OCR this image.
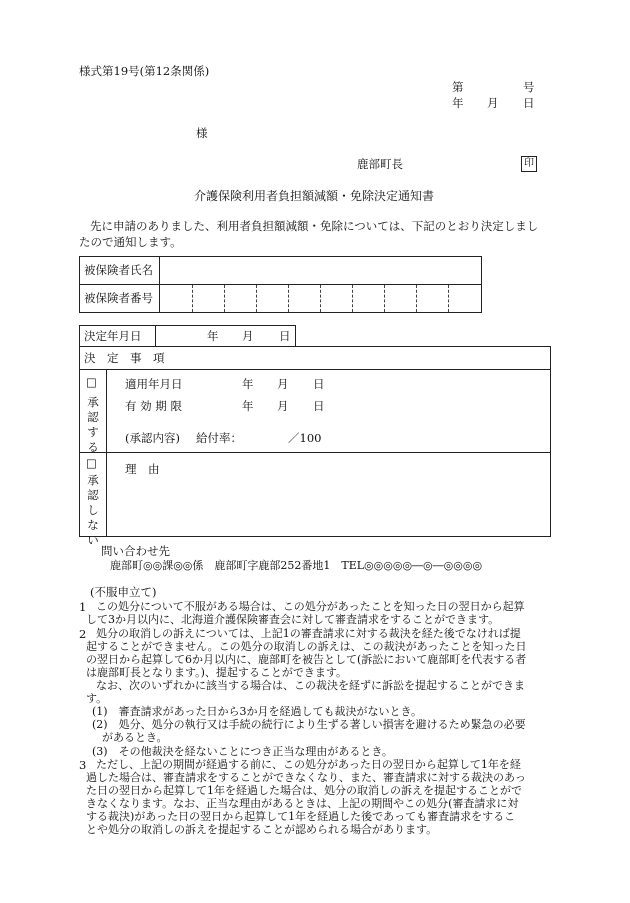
様式第19号(第12条関係)
第	号
年 月 日
様
鹿部町長	印
介護保険利用者負担額減額・免除決定通知書
先に申請のありました、利用者負担額減額・免除については、下記のとおり決定しまし
たので通知します。
被保険者氏名
被保険者番号
決定年月日	年 月 日
決　定　事　項
□
承認する
適用年月日	年 月 日
有 効 期 限	年 月 日
(承認内容) 給付率：	／100
□
承認しない
理　由
問い合わせ先
鹿部町◎◎課◎◎係　鹿部町字鹿部252番地1　TEL◎◎◎◎◎―◎―◎◎◎◎
(不服申立て)
1 この処分について不服がある場合は、この処分があったことを知った日の翌日から起算
して3か月以内に、北海道介護保険審査会に対して審査請求をすることができます。
2 処分の取消しの訴えについては、上記1の審査請求に対する裁決を経た後でなければ提
起することができません。この処分の取消しの訴えは、この裁決があったことを知った日
の翌日から起算して6か月以内に、鹿部町を被告として(訴訟において鹿部町を代表する者
は鹿部町長となります。)、提起することができます。
なお、次のいずれかに該当する場合は、この裁決を経ずに訴訟を提起することができま
す。
(1)　審査請求があった日から3か月を経過しても裁決がないとき。
(2)　処分、処分の執行又は手続の続行により生ずる著しい損害を避けるため緊急の必要
があるとき。
(3)　その他裁決を経ないことにつき正当な理由があるとき。
3 ただし、上記の期間が経過する前に、この処分があった日の翌日から起算して1年を経
過した場合は、審査請求をすることができなくなり、また、審査請求に対する裁決のあっ
た日の翌日から起算して1年を経過した場合は、処分の取消しの訴えを提起することがで
きなくなります。なお、正当な理由があるときは、上記の期間やこの処分(審査請求に対
する裁決)があった日の翌日から起算して1年を経過した後であっても審査請求をするこ
とや処分の取消しの訴えを提起することが認められる場合があります。
